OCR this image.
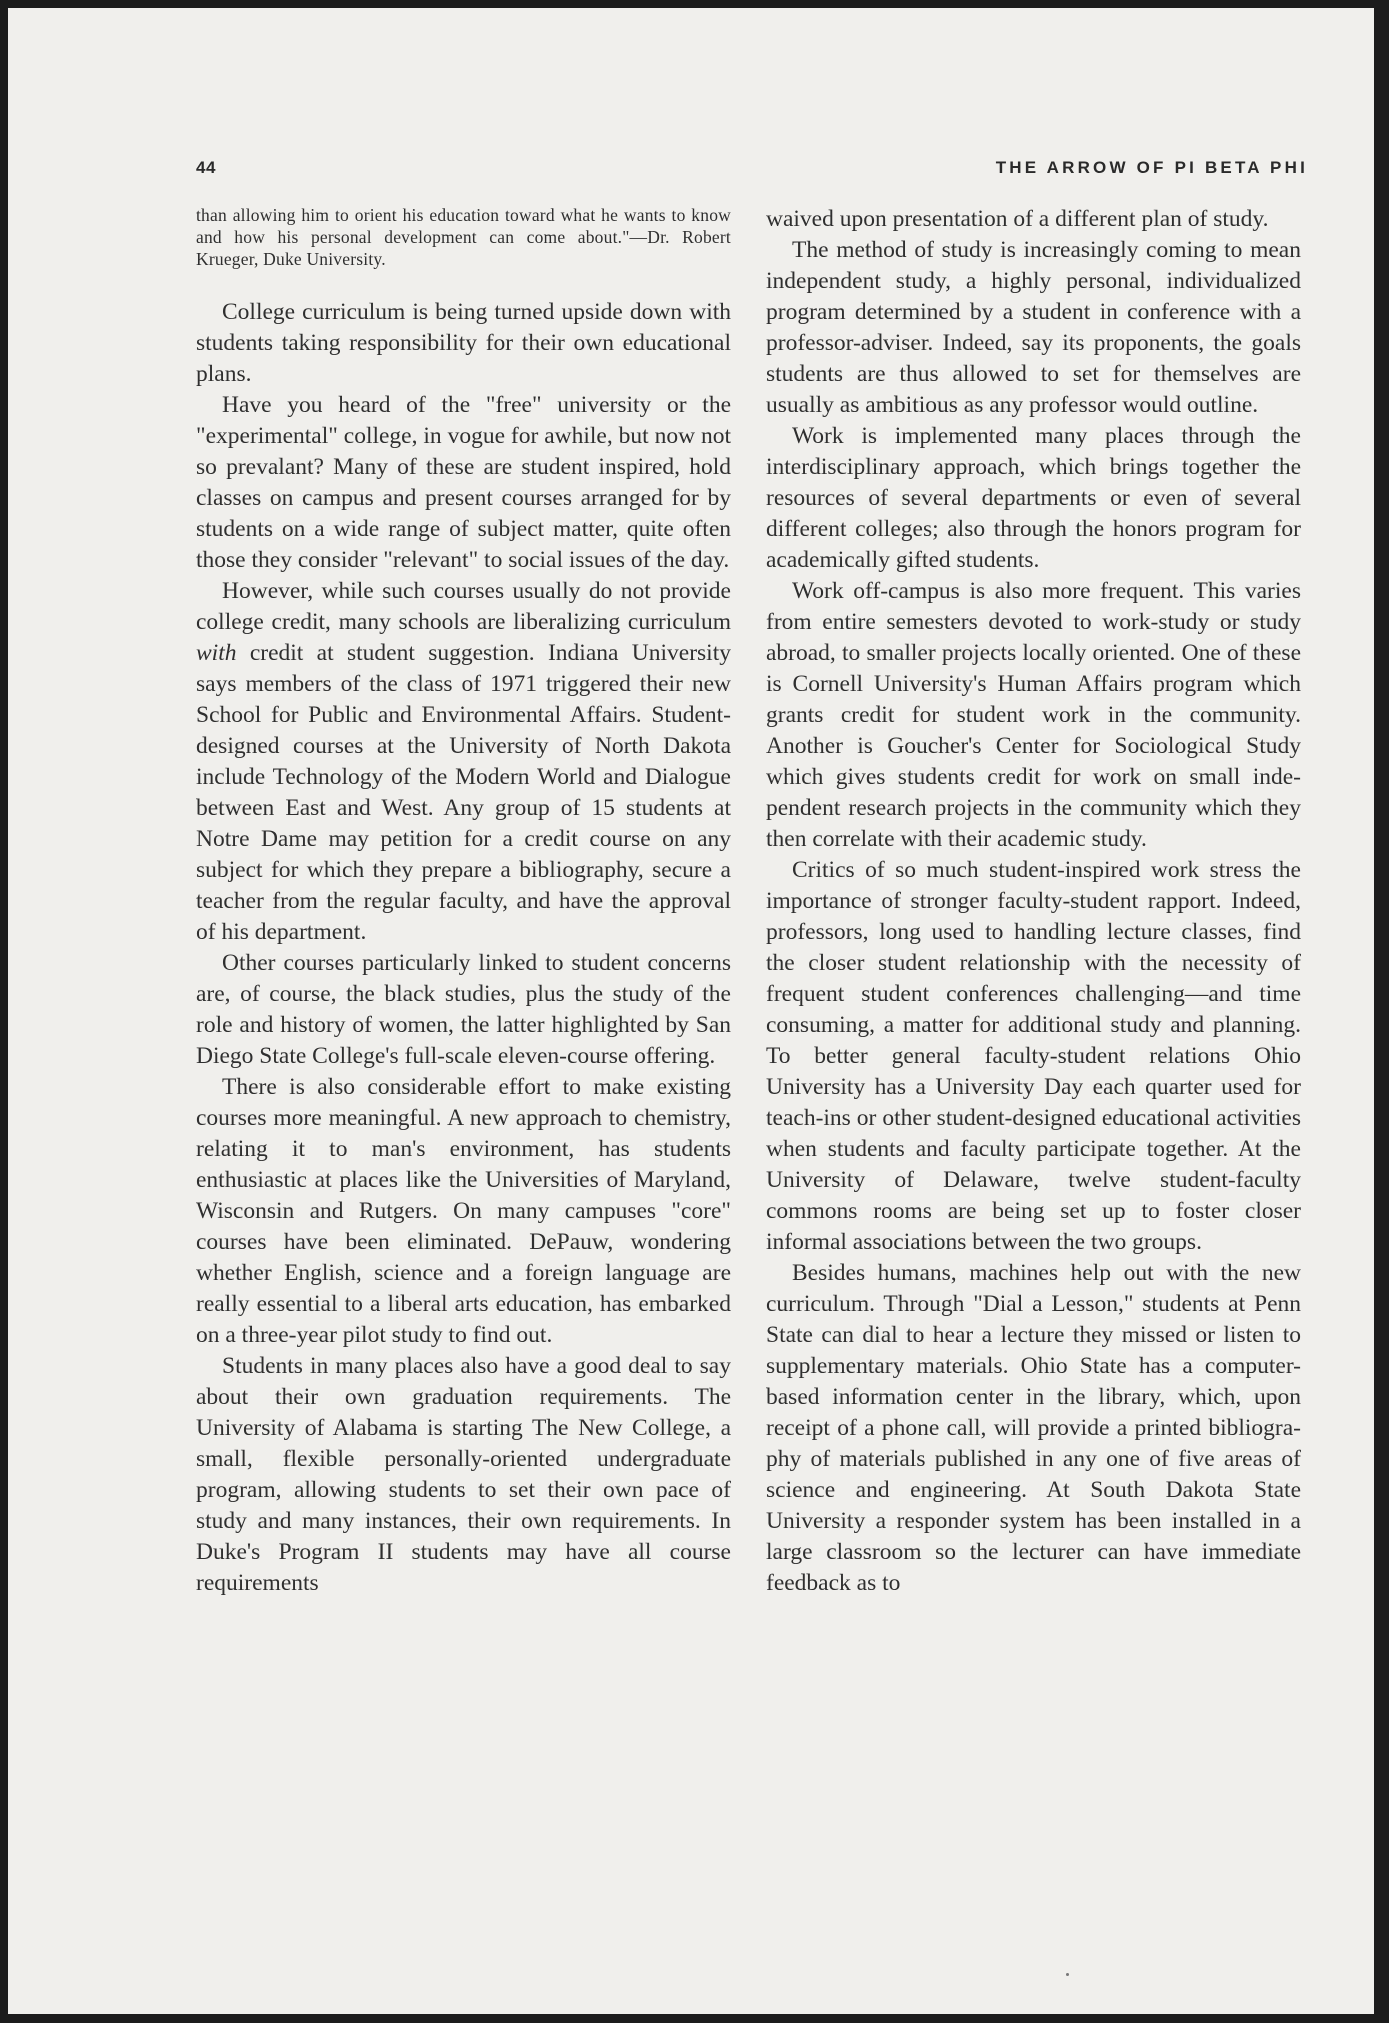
44	THE ARROW OF PI BETA PHI

than allowing him to orient his education toward what he wants to know and how his personal development can come about."—Dr. Robert Krueger, Duke University.

College curriculum is being turned upside down with students taking responsibility for their own educational plans.

Have you heard of the "free" university or the "experimental" college, in vogue for awhile, but now not so prevalant? Many of these are student inspired, hold classes on campus and present courses arranged for by students on a wide range of subject matter, quite often those they consider "relevant" to social issues of the day.

However, while such courses usually do not provide college credit, many schools are liberalizing curriculum with credit at student suggestion. Indiana University says members of the class of 1971 triggered their new School for Public and Environmental Affairs. Student-designed courses at the University of North Dakota include Technology of the Modern World and Dialogue between East and West. Any group of 15 students at Notre Dame may petition for a credit course on any subject for which they prepare a bibliography, secure a teacher from the regular faculty, and have the approval of his department.

Other courses particularly linked to student concerns are, of course, the black studies, plus the study of the role and history of women, the latter highlighted by San Diego State College's full-scale eleven-course offering.

There is also considerable effort to make existing courses more meaningful. A new approach to chemistry, relating it to man's environment, has students enthusiastic at places like the Universities of Maryland, Wisconsin and Rutgers. On many campuses "core" courses have been eliminated. DePauw, wondering whether English, science and a foreign language are really essential to a liberal arts education, has embarked on a three-year pilot study to find out.

Students in many places also have a good deal to say about their own graduation requirements. The University of Alabama is starting The New College, a small, flexible personally-oriented undergraduate program, allowing students to set their own pace of study and many instances, their own requirements. In Duke's Program II students may have all course requirements

waived upon presentation of a different plan of study.

The method of study is increasingly coming to mean independent study, a highly personal, individualized program determined by a student in conference with a professor-adviser. Indeed, say its proponents, the goals students are thus allowed to set for themselves are usually as ambitious as any professor would outline.

Work is implemented many places through the interdisciplinary approach, which brings together the resources of several departments or even of several different colleges; also through the honors program for academically gifted students.

Work off-campus is also more frequent. This varies from entire semesters devoted to work-study or study abroad, to smaller projects locally oriented. One of these is Cornell University's Human Affairs program which grants credit for student work in the community. Another is Goucher's Center for Sociological Study which gives students credit for work on small independent research projects in the community which they then correlate with their academic study.

Critics of so much student-inspired work stress the importance of stronger faculty-student rapport. Indeed, professors, long used to handling lecture classes, find the closer student relationship with the necessity of frequent student conferences challenging—and time consuming, a matter for additional study and planning. To better general faculty-student relations Ohio University has a University Day each quarter used for teach-ins or other student-designed educational activities when students and faculty participate together. At the University of Delaware, twelve student-faculty commons rooms are being set up to foster closer informal associations between the two groups.

Besides humans, machines help out with the new curriculum. Through "Dial a Lesson," students at Penn State can dial to hear a lecture they missed or listen to supplementary materials. Ohio State has a computer-based information center in the library, which, upon receipt of a phone call, will provide a printed bibliography of materials published in any one of five areas of science and engineering. At South Dakota State University a responder system has been installed in a large classroom so the lecturer can have immediate feedback as to
